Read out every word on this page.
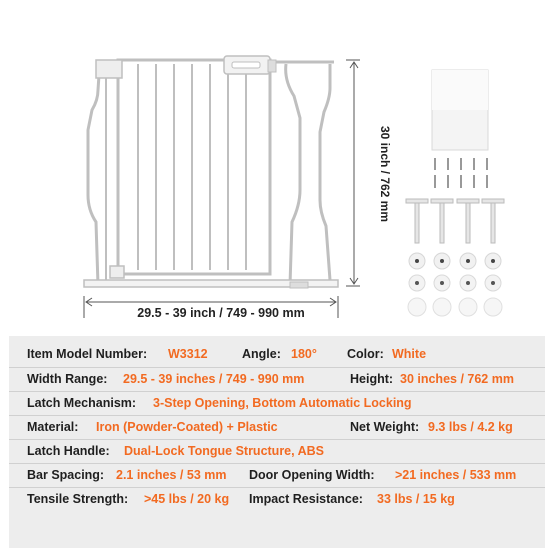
29.5 - 39 inch / 749 - 990 mm
30 inch / 762 mm
Item Model Number: W3312	Angle: 180° Color: White
Width Range: 29.5 - 39 inches / 749 - 990 mm	Height: 30 inches / 762 mm
Latch Mechanism: 3-Step Opening, Bottom Automatic Locking
Material: Iron (Powder-Coated) + Plastic	Net Weight: 9.3 lbs / 4.2 kg
Latch Handle: Dual-Lock Tongue Structure, ABS
Bar Spacing: 2.1 inches / 53 mm Door Opening Width: >21 inches / 533 mm
Tensile Strength: >45 lbs / 20 kg Impact Resistance: 33 lbs / 15 kg
